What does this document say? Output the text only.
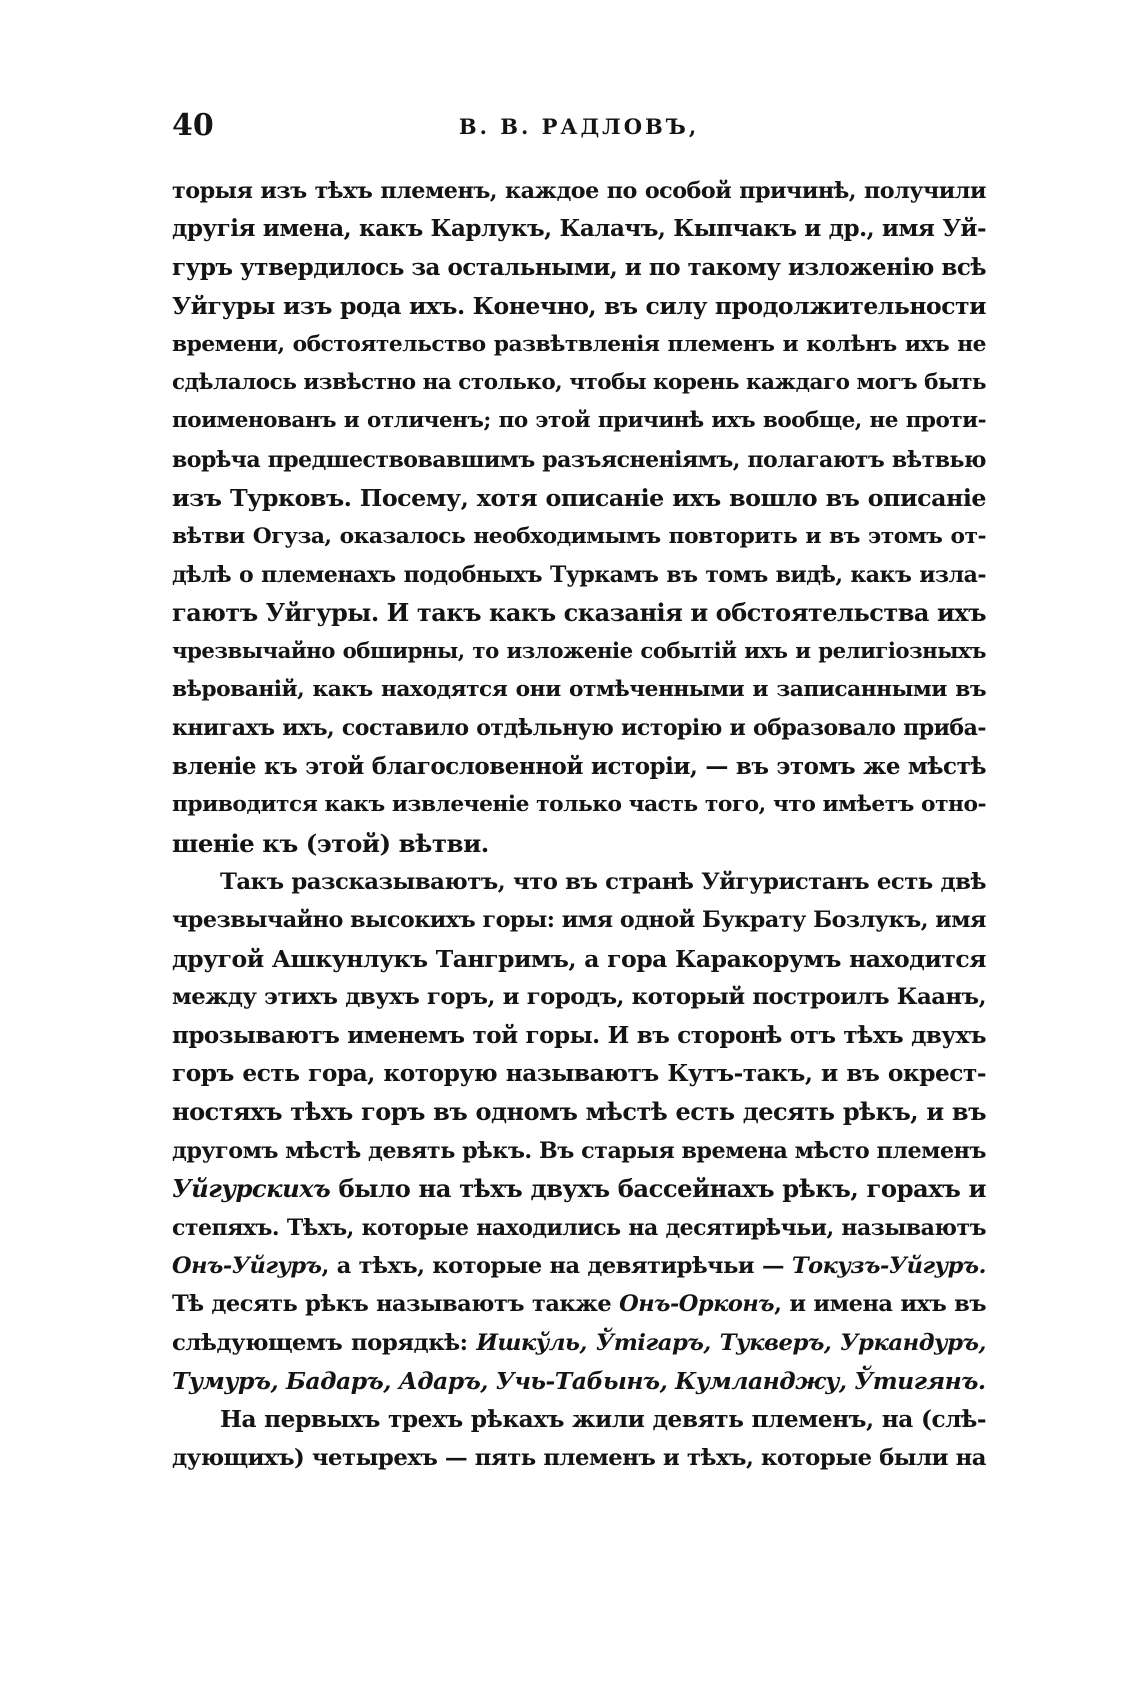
40	В. В. РАДЛОВЪ,
торыя изъ тѣхъ племенъ, каждое по особой причинѣ, получили
другія имена, какъ Карлукъ, Калачъ, Кыпчакъ и др., имя Уй-
гуръ утвердилось за остальными, и по такому изложенію всѣ
Уйгуры изъ рода ихъ. Конечно, въ силу продолжительности
времени, обстоятельство развѣтвленія племенъ и колѣнъ ихъ не
сдѣлалось извѣстно на столько, чтобы корень каждаго могъ быть
поименованъ и отличенъ; по этой причинѣ ихъ вообще, не проти-
ворѣча предшествовавшимъ разъясненіямъ, полагаютъ вѣтвью
изъ Турковъ. Посему, хотя описаніе ихъ вошло въ описаніе
вѣтви Огуза, оказалось необходимымъ повторить и въ этомъ от-
дѣлѣ о племенахъ подобныхъ Туркамъ въ томъ видѣ, какъ изла-
гаютъ Уйгуры. И такъ какъ сказанія и обстоятельства ихъ
чрезвычайно обширны, то изложеніе событій ихъ и религіозныхъ
вѣрованій, какъ находятся они отмѣченными и записанными въ
книгахъ ихъ, составило отдѣльную исторію и образовало приба-
вленіе къ этой благословенной исторіи, — въ этомъ же мѣстѣ
приводится какъ извлеченіе только часть того, что имѣетъ отно-
шеніе къ (этой) вѣтви.
Такъ разсказываютъ, что въ странѣ Уйгуристанъ есть двѣ
чрезвычайно высокихъ горы: имя одной Букрату Бозлукъ, имя
другой Ашкунлукъ Тангримъ, а гора Каракорумъ находится
между этихъ двухъ горъ, и городъ, который построилъ Каанъ,
прозываютъ именемъ той горы. И въ сторонѣ отъ тѣхъ двухъ
горъ есть гора, которую называютъ Кутъ-такъ, и въ окрест-
ностяхъ тѣхъ горъ въ одномъ мѣстѣ есть десять рѣкъ, и въ
другомъ мѣстѣ девять рѣкъ. Въ старыя времена мѣсто племенъ
Уйгурскихъ было на тѣхъ двухъ бассейнахъ рѣкъ, горахъ и
степяхъ. Тѣхъ, которые находились на десятирѣчьи, называютъ
Онъ-Уйгуръ, а тѣхъ, которые на девятирѣчьи — Токузъ-Уйгуръ.
Тѣ десять рѣкъ называютъ также Онъ-Орконъ, и имена ихъ въ
слѣдующемъ порядкѣ: Ишкўль, Ўтігаръ, Тукверъ, Уркандуръ,
Тумуръ, Бадаръ, Адаръ, Учь-Табынъ, Кумланджу, Ўтигянъ.
На первыхъ трехъ рѣкахъ жили девять племенъ, на (слѣ-
дующихъ) четырехъ — пять племенъ и тѣхъ, которые были на
